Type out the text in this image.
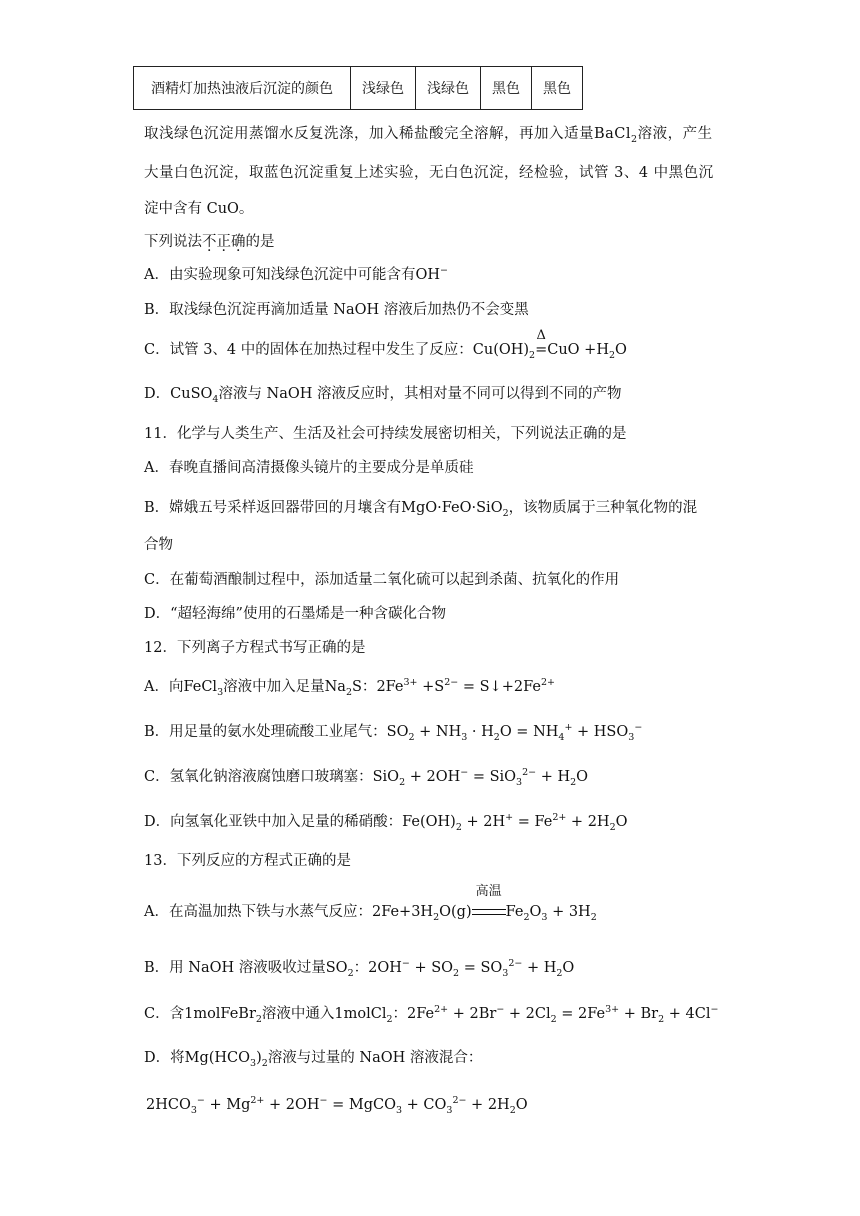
酒精灯加热浊液后沉淀的颜色	浅绿色	浅绿色	黑色	黑色
取浅绿色沉淀用蒸馏水反复洗涤，加入稀盐酸完全溶解，再加入适量BaCl$_2$溶液，产生
大量白色沉淀，取蓝色沉淀重复上述实验，无白色沉淀，经检验，试管 3、4 中黑色沉
淀中含有 CuO。
下列说法不正确的是
A．由实验现象可知浅绿色沉淀中可能含有OH−
B．取浅绿色沉淀再滴加适量 NaOH 溶液后加热仍不会变黑
C．试管 3、4 中的固体在加热过程中发生了反应：$Cu(OH)_2$
Δ
$=CuO +H_2O$
D．CuSO$_4$溶液与 NaOH 溶液反应时，其相对量不同可以得到不同的产物
11．化学与人类生产、生活及社会可持续发展密切相关，下列说法正确的是
A．春晚直播间高清摄像头镜片的主要成分是单质硅
B．嫦娥五号采样返回器带回的月壤含有MgO·FeO·SiO$_2$，该物质属于三种氧化物的混
合物
C．在葡萄酒酿制过程中，添加适量二氧化硫可以起到杀菌、抗氧化的作用
D．“超轻海绵”使用的石墨烯是一种含碳化合物
12．下列离子方程式书写正确的是
A．向FeCl$_3$溶液中加入足量$Na_2S$：$2Fe^{3+} +S^{2-}$ = $S↓+2Fe^{2+}$
B．用足量的氨水处理硫酸工业尾气：$SO_2 + NH_3 \cdot H_2O = NH_4^+ + HSO_3^-$
C．氢氧化钠溶液腐蚀磨口玻璃塞：$SiO_2 + 2OH^- = SiO_3^{2-} + H_2O$
D．向氢氧化亚铁中加入足量的稀硝酸：$Fe(OH)_2 + 2H^+ = Fe^{2+} + 2H_2O$
13．下列反应的方程式正确的是
A．在高温加热下铁与水蒸气反应：$2Fe+3H_2O(g)$
高温
$Fe_2O_3 + 3H_2$
B．用 NaOH 溶液吸收过量$SO_2$：$2OH^- + SO_2 = SO_3^{2-} + H_2O$
C．含1molFeBr$_2$溶液中通入1molCl$_2$：$2Fe^{2+} + 2Br^- + 2Cl_2 = 2Fe^{3+} + Br_2 + 4Cl^-$
D．将$Mg(HCO_3)_2$溶液与过量的 NaOH 溶液混合：
$2HCO_3^- + Mg^{2+} + 2OH^-$ = MgCO$_3$ + $CO_3^{2-} + 2H_2O$
